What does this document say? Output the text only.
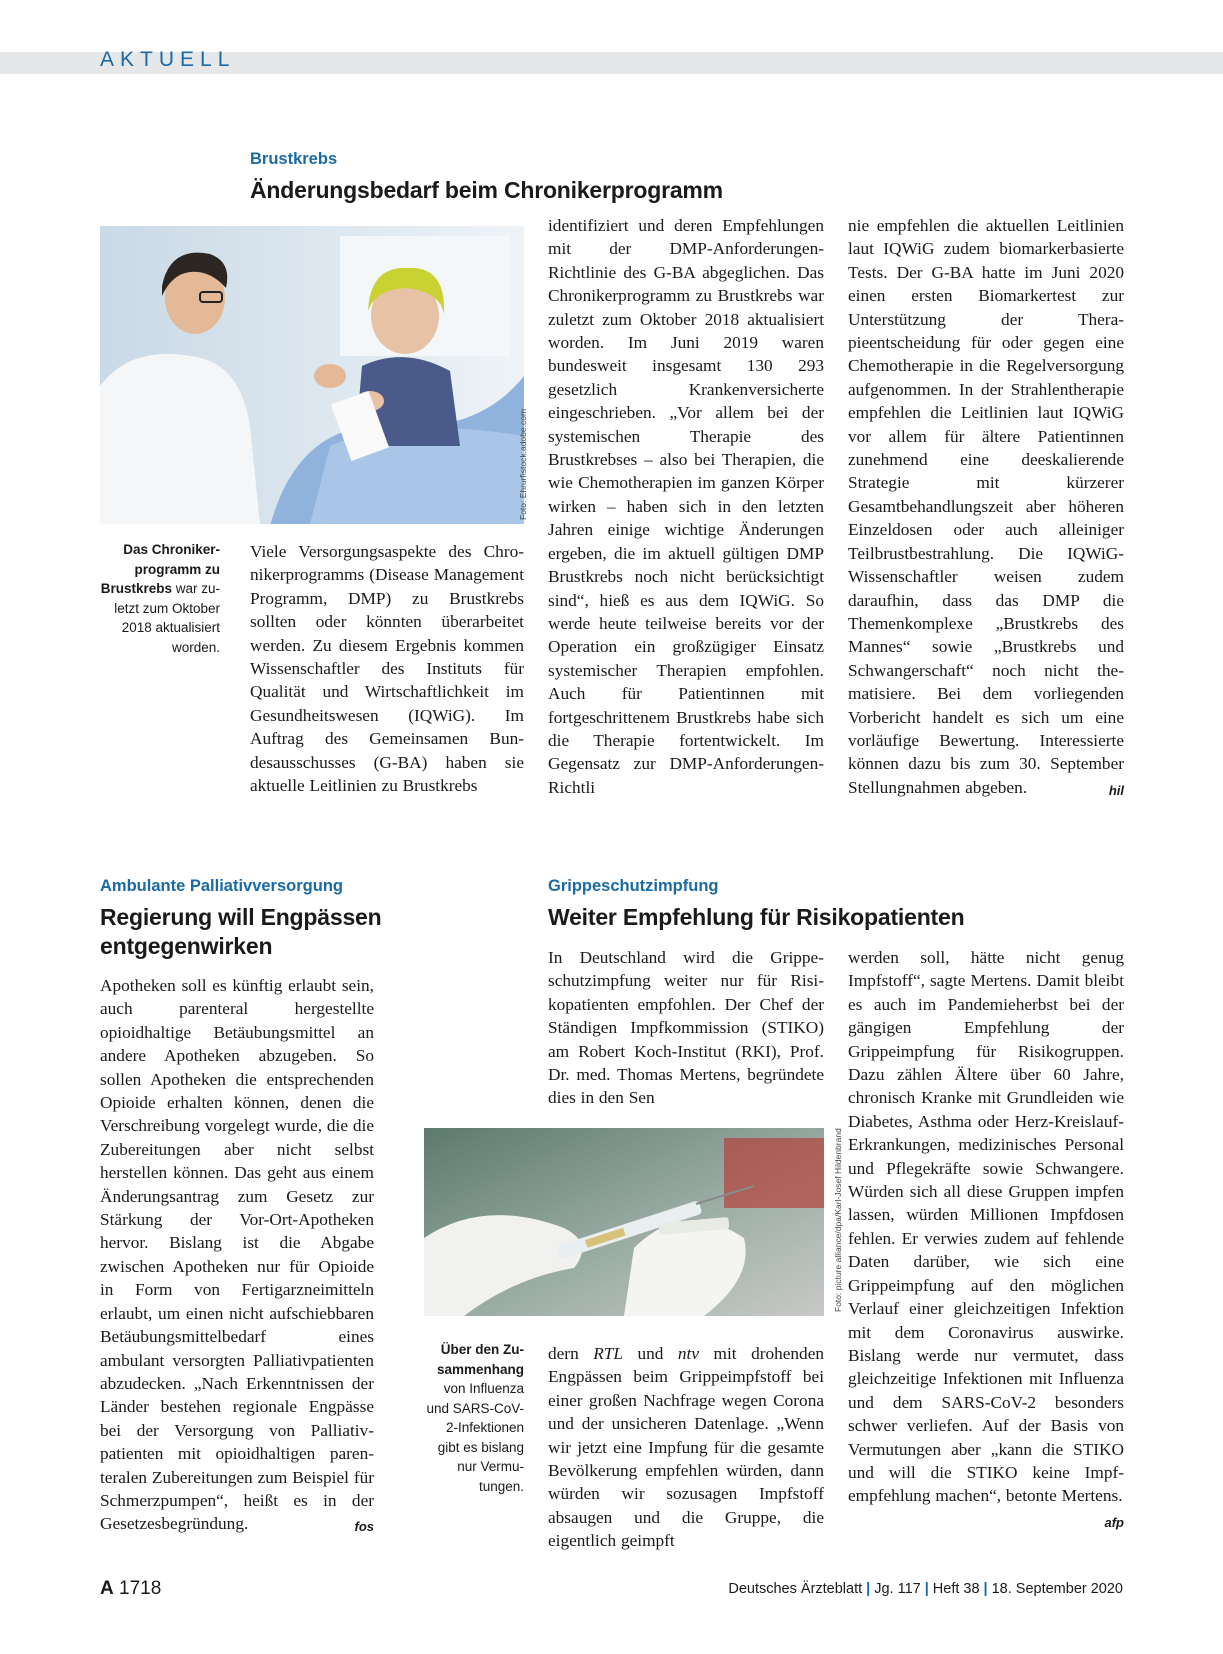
AKTUELL
Brustkrebs
Änderungsbedarf beim Chronikerprogramm
Foto: Ehrurfistock.adobe.com
Das Chronikerprogramm zu Brustkrebs war zuletzt zum Oktober 2018 aktualisiert worden.

Viele Versorgungsaspekte des Chronikerprogramms (Disease Management Programm, DMP) zu Brustkrebs sollten oder könnten überarbeitet werden. Zu diesem Ergebnis kommen Wissenschaftler des Instituts für Qualität und Wirtschaftlichkeit im Gesundheitswesen (IQWiG). Im Auftrag des Gemeinsamen Bundesausschusses (G-BA) haben sie aktuelle Leitlinien zu Brustkrebs

identifiziert und deren Empfehlungen mit der DMP-Anforderungen-Richtlinie des G-BA abgeglichen. Das Chronikerprogramm zu Brustkrebs war zuletzt zum Oktober 2018 aktualisiert worden. Im Juni 2019 waren bundesweit insgesamt 130 293 gesetzlich Krankenversicherte eingeschrieben. „Vor allem bei der systemischen Therapie des Brustkrebses – also bei Therapien, die wie Chemotherapien im ganzen Körper wirken – haben sich in den letzten Jahren einige wichtige Änderungen ergeben, die im aktuell gültigen DMP Brustkrebs noch nicht berücksichtigt sind“, hieß es aus dem IQWiG. So werde heute teilweise bereits vor der Operation ein großzügiger Einsatz systemischer Therapien empfohlen. Auch für Patientinnen mit fortgeschrittenem Brustkrebs habe sich die Therapie fortentwickelt. Im Gegensatz zur DMP-Anforderungen-Richtli

nie empfehlen die aktuellen Leitlinien laut IQWiG zudem biomarkerbasierte Tests. Der G-BA hatte im Juni 2020 einen ersten Biomarkertest zur Unterstützung der Therapieentscheidung für oder gegen eine Chemotherapie in die Regelversorgung aufgenommen. In der Strahlentherapie empfehlen die Leitlinien laut IQWiG vor allem für ältere Patientinnen zunehmend eine deeskalierende Strategie mit kürzerer Gesamtbehandlungszeit aber höheren Einzeldosen oder auch alleiniger Teilbrustbestrahlung. Die IQWiG-Wissenschaftler weisen zudem daraufhin, dass das DMP die Themenkomplexe „Brustkrebs des Mannes“ sowie „Brustkrebs und Schwangerschaft“ noch nicht thematisiere. Bei dem vorliegenden Vorbericht handelt es sich um eine vorläufige Bewertung. Interessierte können dazu bis zum 30. September Stellungnahmen abgeben.	hil

Ambulante Palliativversorgung
Regierung will Engpässen entgegenwirken

Apotheken soll es künftig erlaubt sein, auch parenteral hergestellte opioidhaltige Betäubungsmittel an andere Apotheken abzugeben. So sollen Apotheken die entsprechenden Opioide erhalten können, denen die Verschreibung vorgelegt wurde, die die Zubereitungen aber nicht selbst herstellen können. Das geht aus einem Änderungsantrag zum Gesetz zur Stärkung der Vor-Ort-Apotheken hervor. Bislang ist die Abgabe zwischen Apotheken nur für Opioide in Form von Fertigarzneimitteln erlaubt, um einen nicht aufschiebbaren Betäubungsmittelbedarf eines ambulant versorgten Palliativpatienten abzudecken. „Nach Erkenntnissen der Länder bestehen regionale Engpässe bei der Versorgung von Palliativpatienten mit opioidhaltigen parenteralen Zubereitungen zum Beispiel für Schmerzpumpen“, heißt es in der Gesetzesbegründung.	fos

Grippeschutzimpfung
Weiter Empfehlung für Risikopatienten

In Deutschland wird die Grippeschutzimpfung weiter nur für Risikopatienten empfohlen. Der Chef der Ständigen Impfkommission (STIKO) am Robert Koch-Institut (RKI), Prof. Dr. med. Thomas Mertens, begründete dies in den Sen

Foto: picture alliance/dpa/Karl-Josef Hildenbrand
Über den Zusammenhang von Influenza und SARS-CoV-2-Infektionen gibt es bislang nur Vermutungen.

dern RTL und ntv mit drohenden Engpässen beim Grippeimpfstoff bei einer großen Nachfrage wegen Corona und der unsicheren Datenlage. „Wenn wir jetzt eine Impfung für die gesamte Bevölkerung empfehlen würden, dann würden wir sozusagen Impfstoff absaugen und die Gruppe, die eigentlich geimpft

werden soll, hätte nicht genug Impfstoff“, sagte Mertens. Damit bleibt es auch im Pandemieherbst bei der gängigen Empfehlung der Grippeimpfung für Risikogruppen. Dazu zählen Ältere über 60 Jahre, chronisch Kranke mit Grundleiden wie Diabetes, Asthma oder Herz-Kreislauf-Erkrankungen, medizinisches Personal und Pflegekräfte sowie Schwangere. Würden sich all diese Gruppen impfen lassen, würden Millionen Impfdosen fehlen. Er verwies zudem auf fehlende Daten darüber, wie sich eine Grippeimpfung auf den möglichen Verlauf einer gleichzeitigen Infektion mit dem Coronavirus auswirke. Bislang werde nur vermutet, dass gleichzeitige Infektionen mit Influenza und dem SARS-CoV-2 besonders schwer verliefen. Auf der Basis von Vermutungen aber „kann die STIKO und will die STIKO keine Impfempfehlung machen“, betonte Mertens.
afp

A 1718	Deutsches Ärzteblatt | Jg. 117 | Heft 38 | 18. September 2020
